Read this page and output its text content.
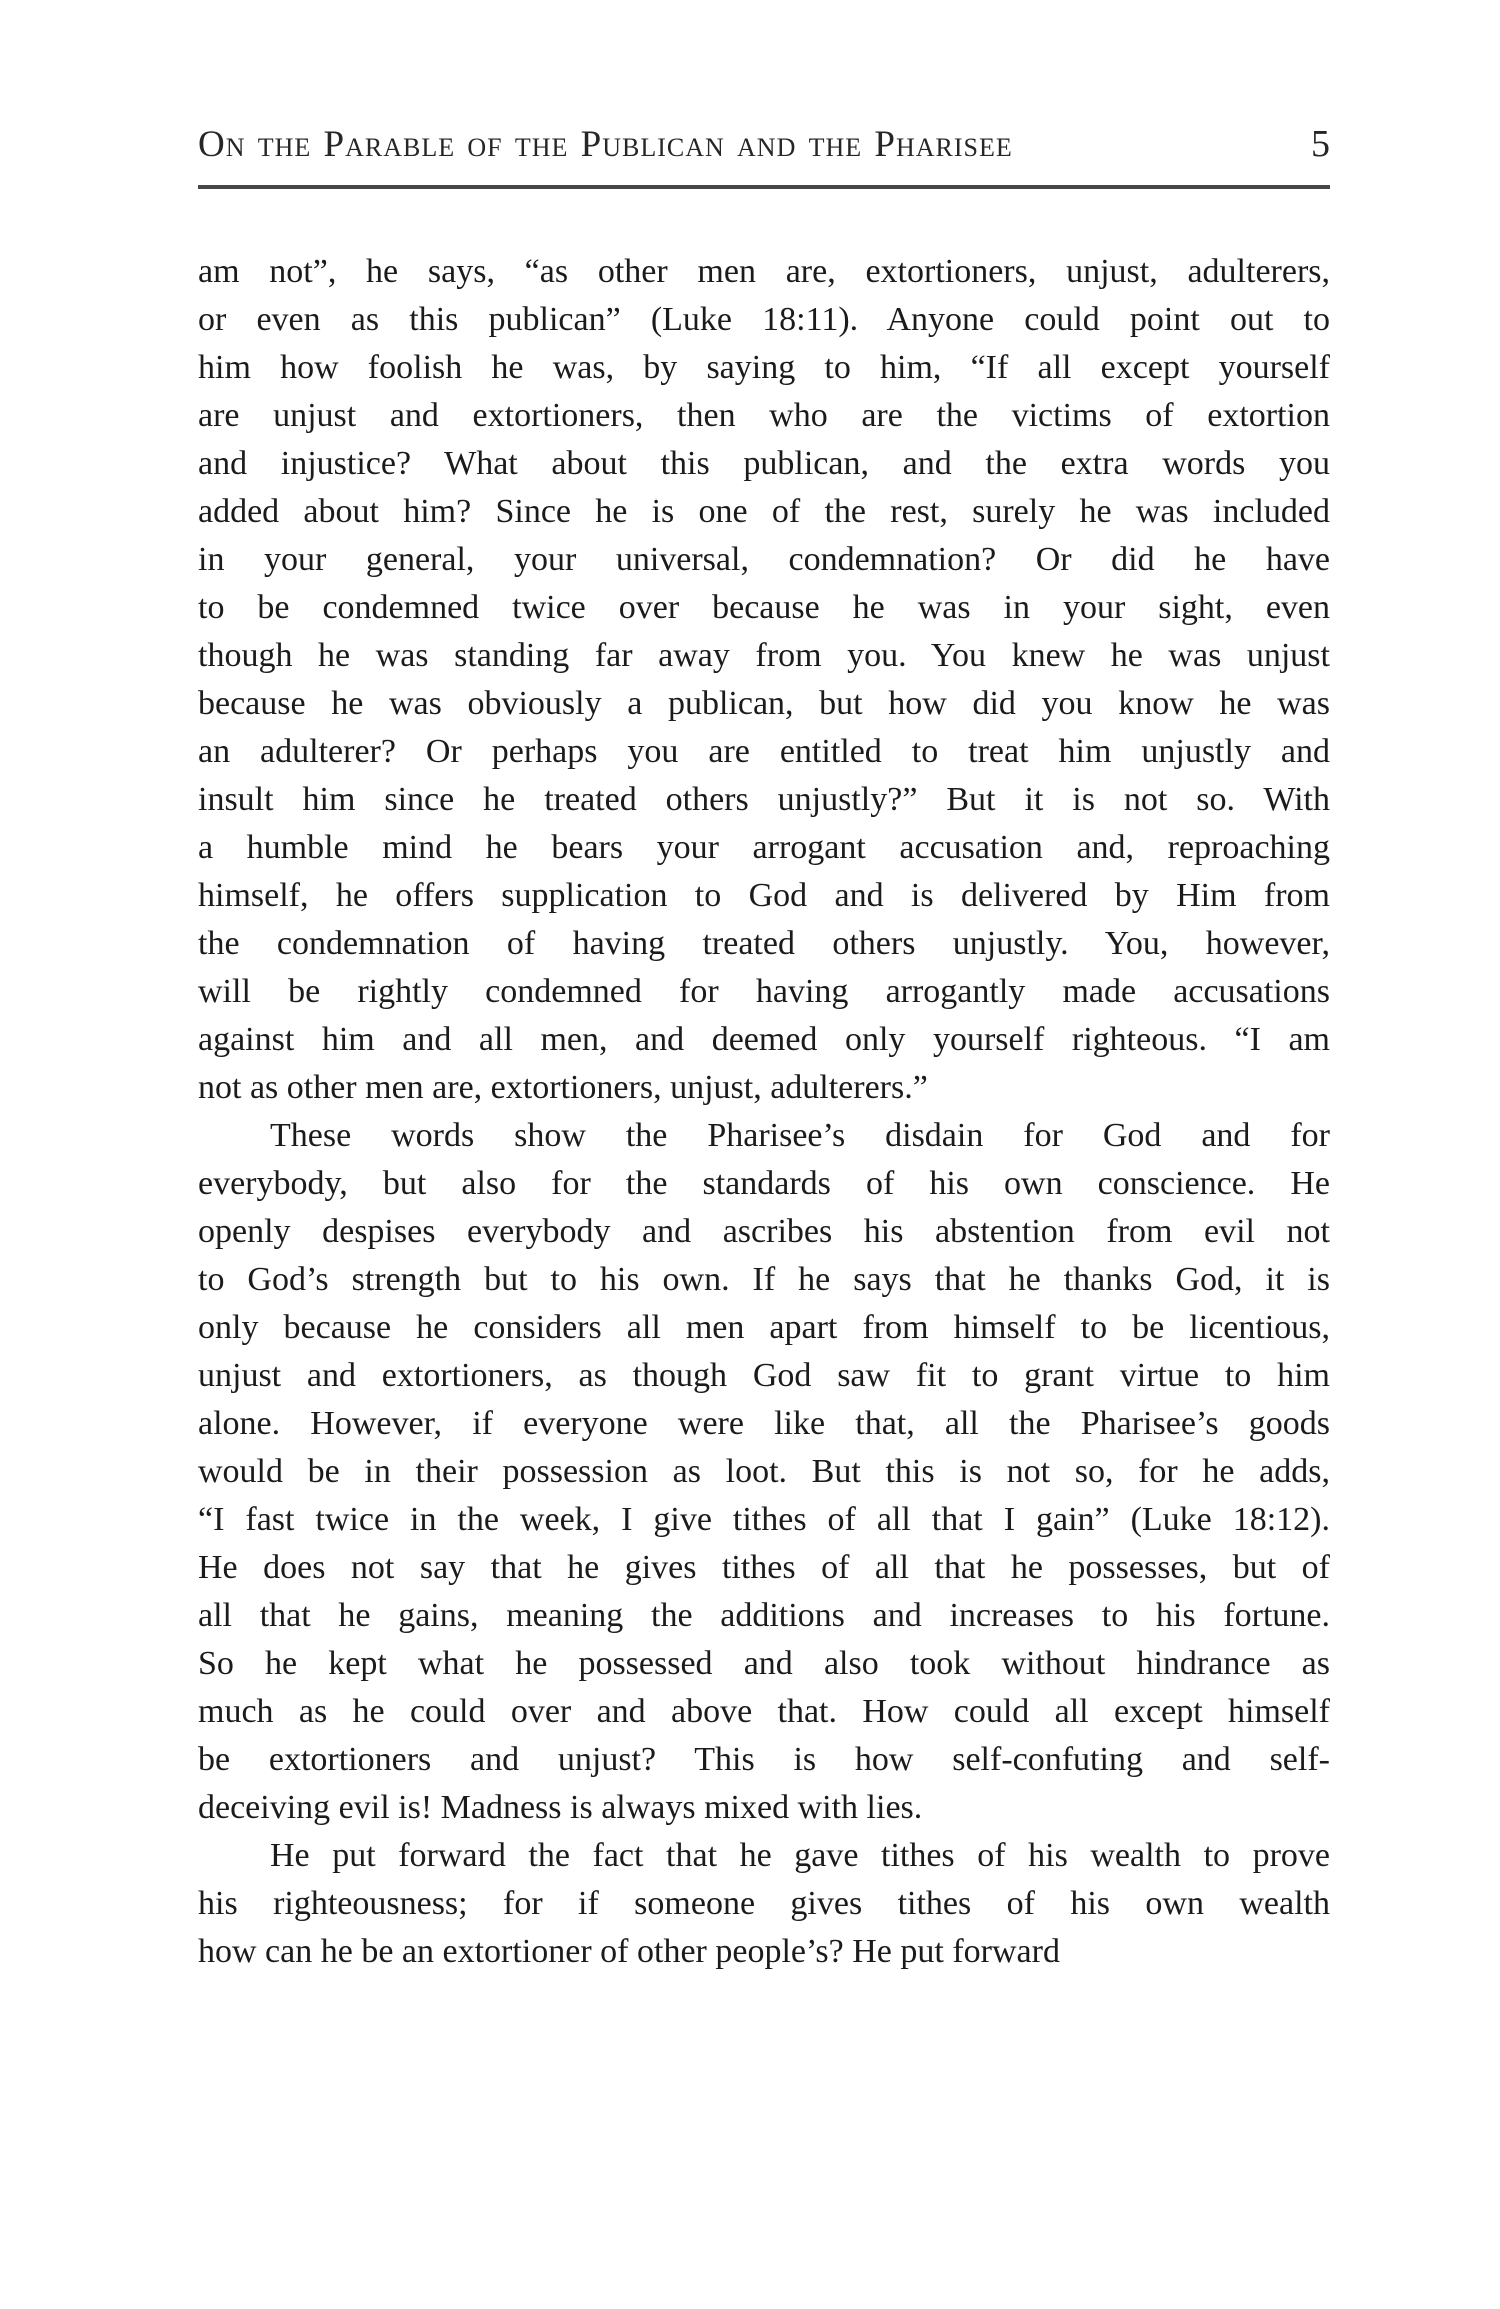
On the Parable of the Publican and the Pharisee	5
am not”, he says, “as other men are, extortioners, unjust, adulterers,
or even as this publican” (Luke 18:11). Anyone could point out to
him how foolish he was, by saying to him, “If all except yourself
are unjust and extortioners, then who are the victims of extortion
and injustice? What about this publican, and the extra words you
added about him? Since he is one of the rest, surely he was included
in your general, your universal, condemnation? Or did he have
to be condemned twice over because he was in your sight, even
though he was standing far away from you. You knew he was unjust
because he was obviously a publican, but how did you know he was
an adulterer? Or perhaps you are entitled to treat him unjustly and
insult him since he treated others unjustly?” But it is not so. With
a humble mind he bears your arrogant accusation and, reproaching
himself, he offers supplication to God and is delivered by Him from
the condemnation of having treated others unjustly. You, however,
will be rightly condemned for having arrogantly made accusations
against him and all men, and deemed only yourself righteous. “I am
not as other men are, extortioners, unjust, adulterers.”
These words show the Pharisee’s disdain for God and for
everybody, but also for the standards of his own conscience. He
openly despises everybody and ascribes his abstention from evil not
to God’s strength but to his own. If he says that he thanks God, it is
only because he considers all men apart from himself to be licentious,
unjust and extortioners, as though God saw fit to grant virtue to him
alone. However, if everyone were like that, all the Pharisee’s goods
would be in their possession as loot. But this is not so, for he adds,
“I fast twice in the week, I give tithes of all that I gain” (Luke 18:12).
He does not say that he gives tithes of all that he possesses, but of
all that he gains, meaning the additions and increases to his fortune.
So he kept what he possessed and also took without hindrance as
much as he could over and above that. How could all except himself
be extortioners and unjust? This is how self-confuting and self-
deceiving evil is! Madness is always mixed with lies.
He put forward the fact that he gave tithes of his wealth to prove
his righteousness; for if someone gives tithes of his own wealth
how can he be an extortioner of other people’s? He put forward
